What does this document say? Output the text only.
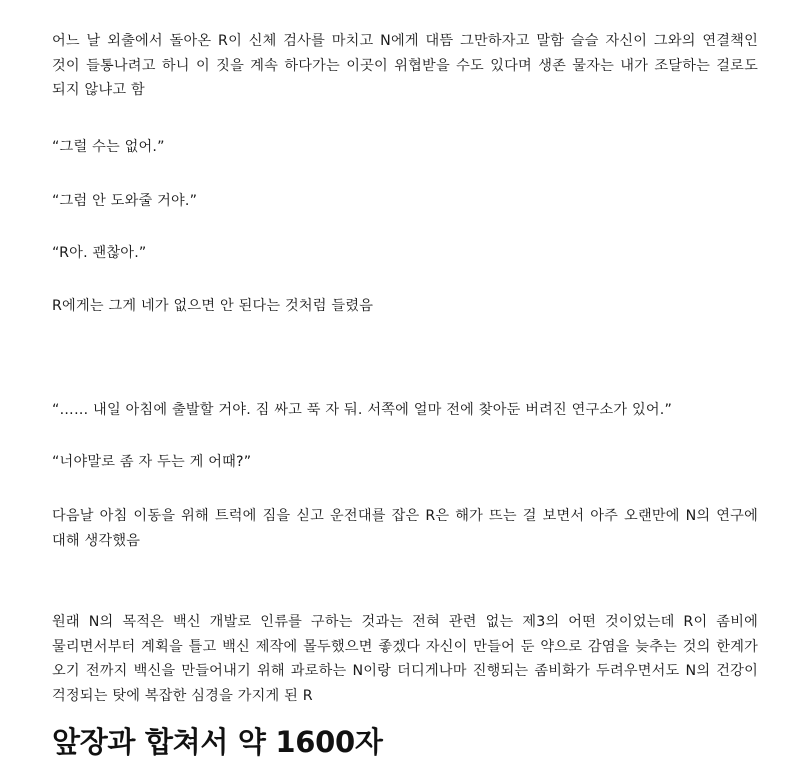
어느 날 외출에서 돌아온 R이 신체 검사를 마치고 N에게 대뜸 그만하자고 말함 슬슬 자신이 그와의 연결책인 것이 들통나려고 하니 이 짓을 계속 하다가는 이곳이 위협받을 수도 있다며 생존 물자는 내가 조달하는 걸로도 되지 않냐고 함

“그럴 수는 없어.”

“그럼 안 도와줄 거야.”

“R아. 괜찮아.”

R에게는 그게 네가 없으면 안 된다는 것처럼 들렸음

“…… 내일 아침에 출발할 거야. 짐 싸고 푹 자 둬. 서쪽에 얼마 전에 찾아둔 버려진 연구소가 있어.”

“너야말로 좀 자 두는 게 어때?”

다음날 아침 이동을 위해 트럭에 짐을 싣고 운전대를 잡은 R은 해가 뜨는 걸 보면서 아주 오랜만에 N의 연구에 대해 생각했음

원래 N의 목적은 백신 개발로 인류를 구하는 것과는 전혀 관련 없는 제3의 어떤 것이었는데 R이 좀비에 물리면서부터 계획을 틀고 백신 제작에 몰두했으면 좋겠다 자신이 만들어 둔 약으로 감염을 늦추는 것의 한계가 오기 전까지 백신을 만들어내기 위해 과로하는 N이랑 더디게나마 진행되는 좀비화가 두려우면서도 N의 건강이 걱정되는 탓에 복잡한 심경을 가지게 된 R

앞장과 합쳐서 약 1600자
